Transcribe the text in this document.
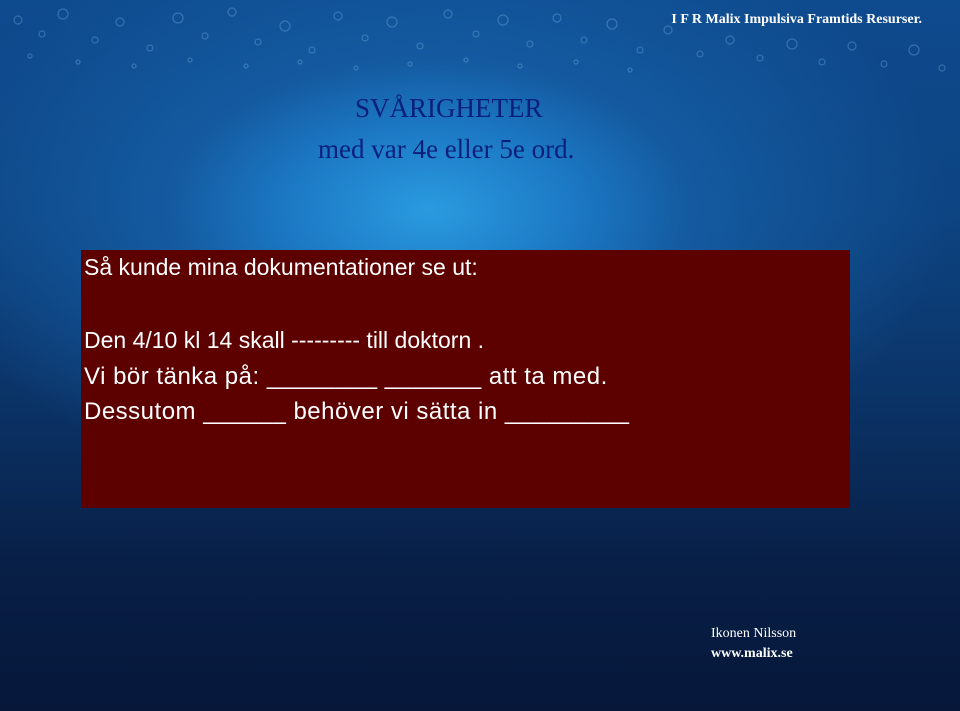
I F R Malix Impulsiva Framtids Resurser.
SVÅRIGHETER
med var 4e eller 5e ord.
Så kunde mina dokumentationer se ut:
Den 4/10 kl 14 skall --------- till doktorn .
Vi bör tänka på: ________ _______ att ta med.
Dessutom ______ behöver vi sätta in _________
Ikonen Nilsson
www.malix.se
